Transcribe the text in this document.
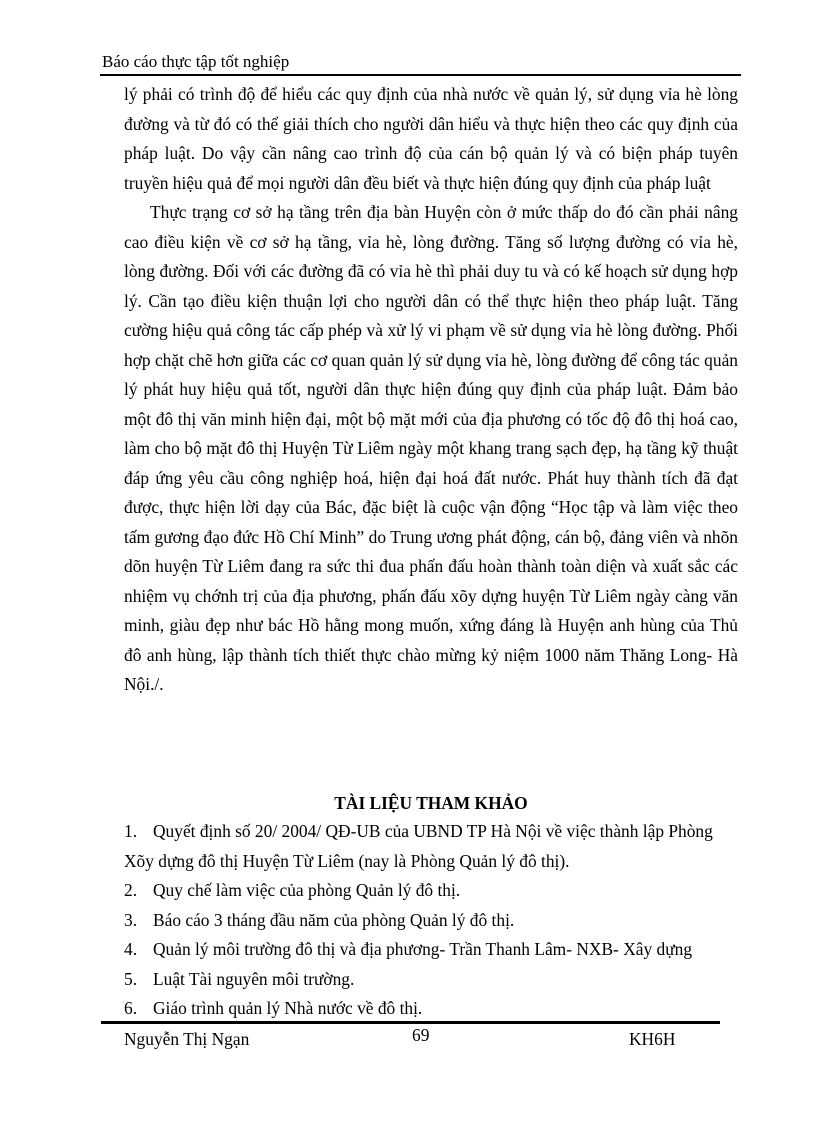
Báo cáo thực tập tốt nghiệp

lý phải có trình độ để hiểu các quy định của nhà nước về quản lý, sử dụng vỉa hè lòng đường và từ đó có thể giải thích cho người dân hiểu và thực hiện theo các quy định của pháp luật. Do vậy cần nâng cao trình độ của cán bộ quản lý và có biện pháp tuyên truyền hiệu quả để mọi người dân đều biết và thực hiện đúng quy định của pháp luật

Thực trạng cơ sở hạ tầng trên địa bàn Huyện còn ở mức thấp do đó cần phải nâng cao điều kiện về cơ sở hạ tầng, vỉa hè, lòng đường. Tăng số lượng đường có vỉa hè, lòng đường. Đối với các đường đã có vỉa hè thì phải duy tu và có kế hoạch sử dụng hợp lý. Cần tạo điều kiện thuận lợi cho người dân có thể thực hiện theo pháp luật. Tăng cường hiệu quả công tác cấp phép và xử lý vi phạm về sử dụng vỉa hè lòng đường. Phối hợp chặt chẽ hơn giữa các cơ quan quản lý sử dụng vỉa hè, lòng đường để công tác quản lý phát huy hiệu quả tốt, người dân thực hiện đúng quy định của pháp luật. Đảm bảo một đô thị văn minh hiện đại, một bộ mặt mới của địa phương có tốc độ đô thị hoá cao, làm cho bộ mặt đô thị Huyện Từ Liêm ngày một khang trang sạch đẹp, hạ tầng kỹ thuật đáp ứng yêu cầu công nghiệp hoá, hiện đại hoá đất nước. Phát huy thành tích đã đạt được, thực hiện lời dạy của Bác, đặc biệt là cuộc vận động “Học tập và làm việc theo tấm gương đạo đức Hồ Chí Minh” do Trung ương phát động, cán bộ, đảng viên và nhõn dõn huyện Từ Liêm đang ra sức thi đua phấn đấu hoàn thành toàn diện và xuất sắc các nhiệm vụ chớnh trị của địa phương, phấn đấu xõy dựng huyện Từ Liêm ngày càng văn minh, giàu đẹp như bác Hồ hằng mong muốn, xứng đáng là Huyện anh hùng của Thủ đô anh hùng, lập thành tích thiết thực chào mừng kỷ niệm 1000 năm Thăng Long- Hà Nội./.

TÀI LIỆU THAM KHẢO
1. Quyết định số 20/ 2004/ QĐ-UB của UBND TP Hà Nội về việc thành lập Phòng
Xõy dựng đô thị Huyện Từ Liêm (nay là Phòng Quản lý đô thị).
2. Quy chế làm việc của phòng Quản lý đô thị.
3. Báo cáo 3 tháng đầu năm của phòng Quản lý đô thị.
4. Quản lý môi trường đô thị và địa phương- Trần Thanh Lâm- NXB- Xây dựng
5. Luật Tài nguyên môi trường.
6. Giáo trình quản lý Nhà nước về đô thị.
Nguyễn Thị Ngạn	69	KH6H
